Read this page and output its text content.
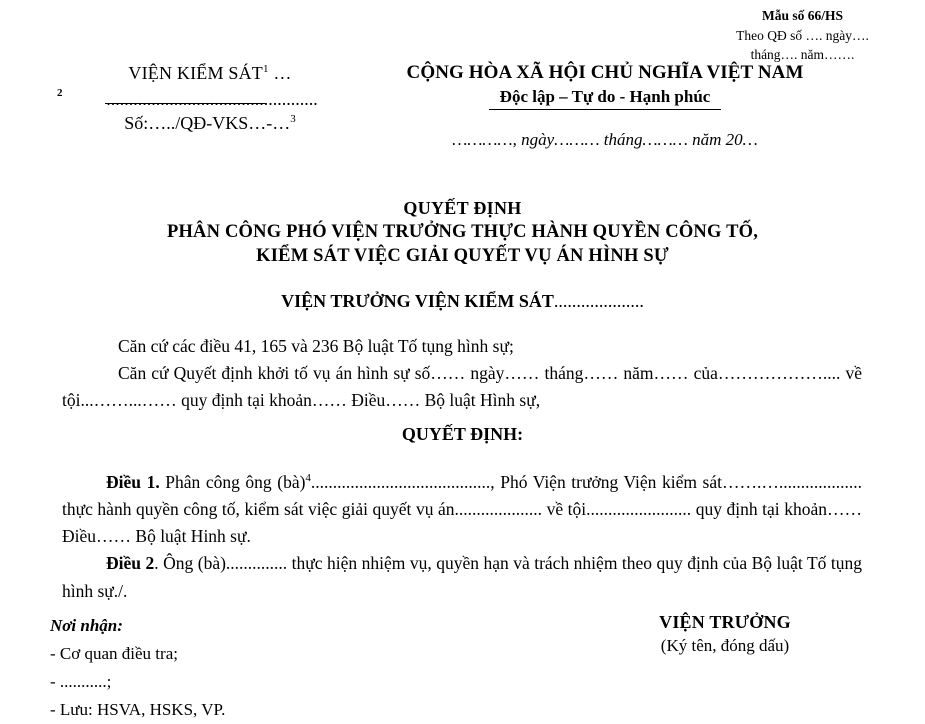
Mẫu số 66/HS
Theo QĐ số …. ngày….
tháng…. năm…….
VIỆN KIỂM SÁT$^1$ …
2	...............................................
Số:…../QĐ-VKS…-…$^3$
CỘNG HÒA XÃ HỘI CHỦ NGHĨA VIỆT NAM
Độc lập – Tự do - Hạnh phúc
…………, ngày……… tháng……… năm 20…
QUYẾT ĐỊNH
PHÂN CÔNG PHÓ VIỆN TRƯỞNG THỰC HÀNH QUYỀN CÔNG TỐ,
KIỂM SÁT VIỆC GIẢI QUYẾT VỤ ÁN HÌNH SỰ
VIỆN TRƯỞNG VIỆN KIỂM SÁT....................

Căn cứ các điều 41, 165 và 236 Bộ luật Tố tụng hình sự;

Căn cứ Quyết định khởi tố vụ án hình sự số…… ngày…… tháng…… năm…… của……………….... về tội...……...…… quy định tại khoản…… Điều…… Bộ luật Hình sự,

QUYẾT ĐỊNH:

Điều 1. Phân công ông (bà)$^4$........................................., Phó Viện trưởng Viện kiểm sát…….…................... thực hành quyền công tố, kiểm sát việc giải quyết vụ án.................... về tội........................ quy định tại khoản…… Điều…… Bộ luật Hinh sự.

Điều 2. Ông (bà).............. thực hiện nhiệm vụ, quyền hạn và trách nhiệm theo quy định của Bộ luật Tố tụng hình sự./.

Nơi nhận:
- Cơ quan điều tra;
- ...........;
- Lưu: HSVA, HSKS, VP.
VIỆN TRƯỞNG
(Ký tên, đóng dấu)
